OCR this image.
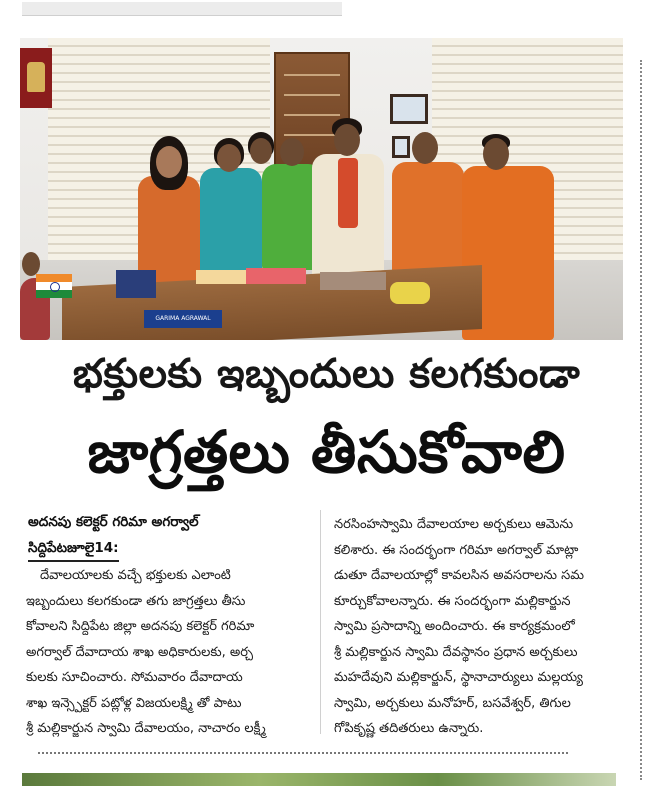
GARIMA AGRAWAL
భక్తులకు ఇబ్బందులు కలగకుండా
జాగ్రత్తలు తీసుకోవాలి
అదనపు కలెక్టర్ గరిమా అగర్వాల్
సిద్దిపేటజూలై14:
దేవాలయాలకు వచ్చే భక్తులకు ఎలాంటి
ఇబ్బందులు కలగకుండా తగు జాగ్రత్తలు తీసు
కోవాలని సిద్దిపేట జిల్లా అదనపు కలెక్టర్ గరిమా
అగర్వాల్ దేవాదాయ శాఖ అధికారులకు, అర్చ
కులకు సూచించారు. సోమవారం దేవాదాయ
శాఖ ఇన్స్పెక్టర్ పట్లోళ్ల విజయలక్ష్మి తో పాటు
శ్రీ మల్లికార్జున స్వామి దేవాలయం, నాచారం లక్ష్మీ
నరసింహస్వామి దేవాలయాల అర్చకులు ఆమెను
కలిశారు. ఈ సందర్భంగా గరిమా అగర్వాల్ మాట్లా
డుతూ దేవాలయాల్లో కావలసిన అవసరాలను సమ
కూర్చుకోవాలన్నారు. ఈ సందర్భంగా మల్లికార్జున
స్వామి ప్రసాదాన్ని అందించారు. ఈ కార్యక్రమంలో
శ్రీ మల్లికార్జున స్వామి దేవస్థానం ప్రధాన అర్చకులు
మహదేవుని మల్లికార్జున్, స్థానాచార్యులు మల్లయ్య
స్వామి, అర్చకులు మనోహర్, బసవేశ్వర్, తిగుల
గోపికృష్ణ తదితరులు ఉన్నారు.
